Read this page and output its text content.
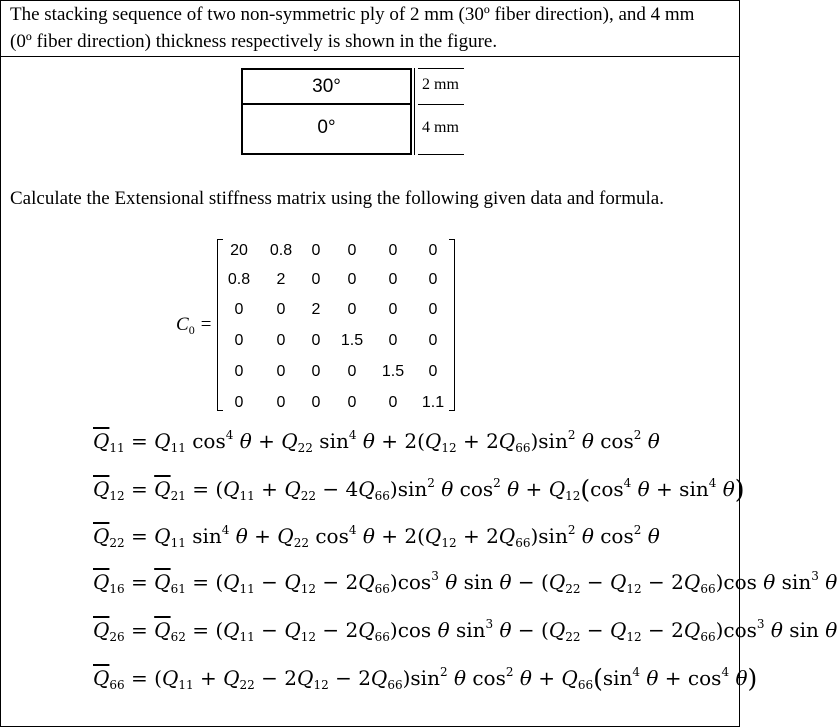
The stacking sequence of two non-symmetric ply of 2 mm (30º fiber direction), and 4 mm
(0º fiber direction) thickness respectively is shown in the figure.
30°
0°
2 mm
4 mm
Calculate the Extensional stiffness matrix using the following given data and formula.
$C_0$ =
20 0.8 0 0 0 0
0.8 2 0 0 0 0
0 0 2 0 0 0
0 0 0 1.5 0 0
0 0 0 0 1.5 0
0 0 0 0 0 1.1
$\overline{Q}_{11} = Q_{11}$ $\cos^4 \theta + Q_{22}$ $\sin^4 \theta + 2(Q_{12} + 2Q_{66})\sin^2$ θ $\cos^2 \theta$
$\overline{Q}_{12} = \overline{Q}_{21} = (Q_{11} + Q_{22} - 4Q_{66})\sin^2$ θ $\cos^2 \theta + Q_{12}(\cos^4$ $\theta + \sin^4 \theta$)
$\overline{Q}_{22} = Q_{11}$ $\sin^4 \theta + Q_{22}$ $\cos^4 \theta + 2(Q_{12} + 2Q_{66})\sin^2$ θ $\cos^2 \theta$
$\overline{Q}_{16} = \overline{Q}_{61} = (Q_{11} - Q_{12} - 2Q_{66})\cos^3$ θ $\sin \theta - (Q_{22} - Q_{12} - 2Q_{66})\cos$ θ $\sin^3 \theta$
$\overline{Q}_{26} = \overline{Q}_{62} = (Q_{11} - Q_{12} - 2Q_{66})\cos$ θ $\sin^3 \theta - (Q_{22} - Q_{12} - 2Q_{66})\cos^3$ θ sin θ
$\overline{Q}_{66} = (Q_{11} + Q_{22} - 2Q_{12} - 2Q_{66})\sin^2$ θ $\cos^2 \theta + Q_{66}(\sin^4$ $\theta + \cos^4 \theta$)
